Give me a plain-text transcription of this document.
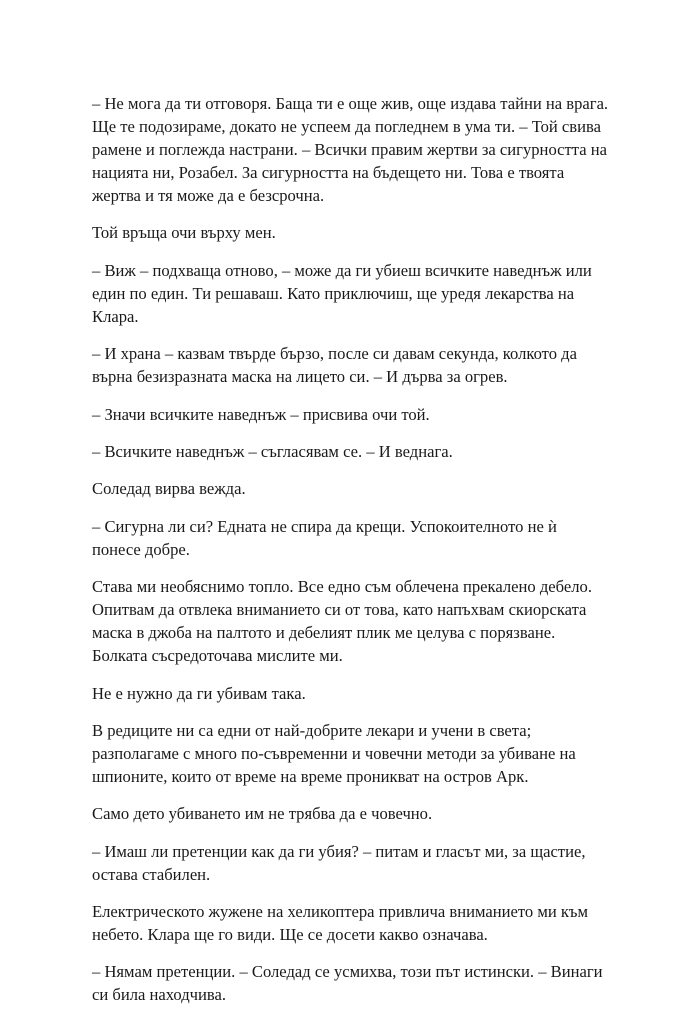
– Не мога да ти отговоря. Баща ти е още жив, още издава тайни на врага.
Ще те подозираме, докато не успеем да погледнем в ума ти. – Той свива
рамене и поглежда настрани. – Всички правим жертви за сигурността на
нацията ни, Розабел. За сигурността на бъдещето ни. Това е твоята
жертва и тя може да е безсрочна.

Той връща очи върху мен.

– Виж – подхваща отново, – може да ги убиеш всичките наведнъж или
един по един. Ти решаваш. Като приключиш, ще уредя лекарства на
Клара.

– И храна – казвам твърде бързо, после си давам секунда, колкото да
върна безизразната маска на лицето си. – И дърва за огрев.

– Значи всичките наведнъж – присвива очи той.

– Всичките наведнъж – съгласявам се. – И веднага.

Соледад вирва вежда.

– Сигурна ли си? Едната не спира да крещи. Успокоителното не ѝ
понесе добре.

Става ми необяснимо топло. Все едно съм облечена прекалено дебело.
Опитвам да отвлека вниманието си от това, като напъхвам скиорската
маска в джоба на палтото и дебелият плик ме целува с порязване.
Болката съсредоточава мислите ми.

Не е нужно да ги убивам така.

В редиците ни са едни от най-добрите лекари и учени в света;
разполагаме с много по-съвременни и човечни методи за убиване на
шпионите, които от време на време проникват на остров Арк.

Само дето убиването им не трябва да е човечно.

– Имаш ли претенции как да ги убия? – питам и гласът ми, за щастие,
остава стабилен.

Електрическото жужене на хеликоптера привлича вниманието ми към
небето. Клара ще го види. Ще се досети какво означава.

– Нямам претенции. – Соледад се усмихва, този път истински. – Винаги
си била находчива.
